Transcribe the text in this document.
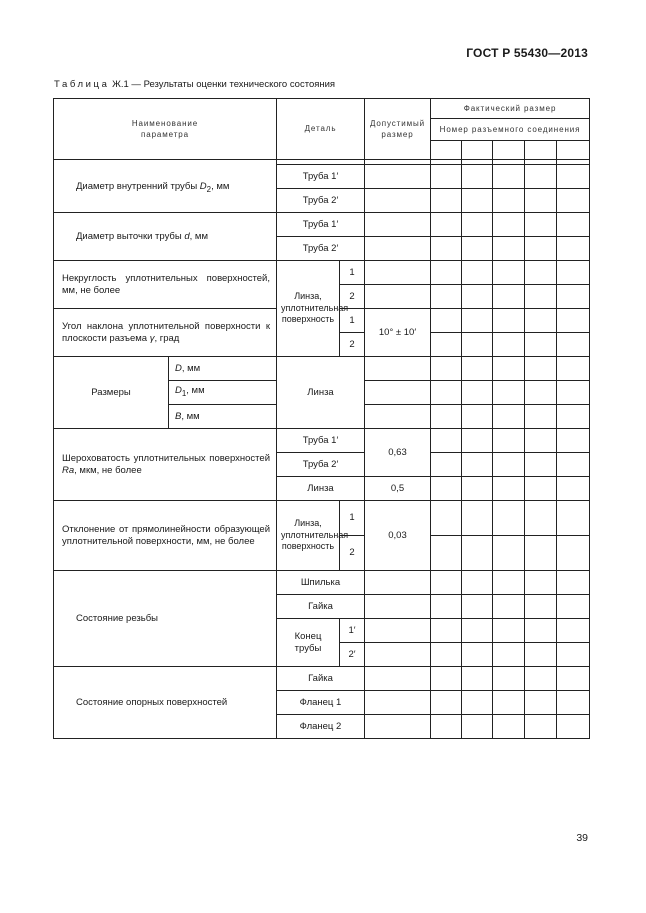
ГОСТ Р 55430—2013
Таблица Ж.1 — Результаты оценки технического состояния
Наименование параметра		Деталь		Допустимый размер	Фактический размер				
					Номер разъемного соединения				

Диаметр внутренний трубы $D_2$, мм		Труба 1′							
		Труба 2′							
Диаметр выточки трубы d, мм		Труба 1′							
		Труба 2′							
Некруглость уплотнительных поверхностей, мм, не более		Линза, уплотнительная поверхность	1						
			2						
Угол наклона уплотнительной поверхности к плоскости разъема γ, град			1	10° ± 10′					
			2						
Размеры	D, мм	Линза							
	$D_1$, мм								
	B, мм								
Шероховатость уплотнительных поверхностей Ra, мкм, не более		Труба 1′		0,63					
		Труба 2′							
		Линза		0,5					
Отклонение от прямолинейности образующей уплотнительной поверхности, мм, не более		Линза, уплотнительная поверхность	1	0,03					
			2						
Состояние резьбы		Шпилька							
		Гайка							
		Конец трубы	1′						
			2′						
Состояние опорных поверхностей		Гайка							
		Фланец 1							
		Фланец 2							
39
